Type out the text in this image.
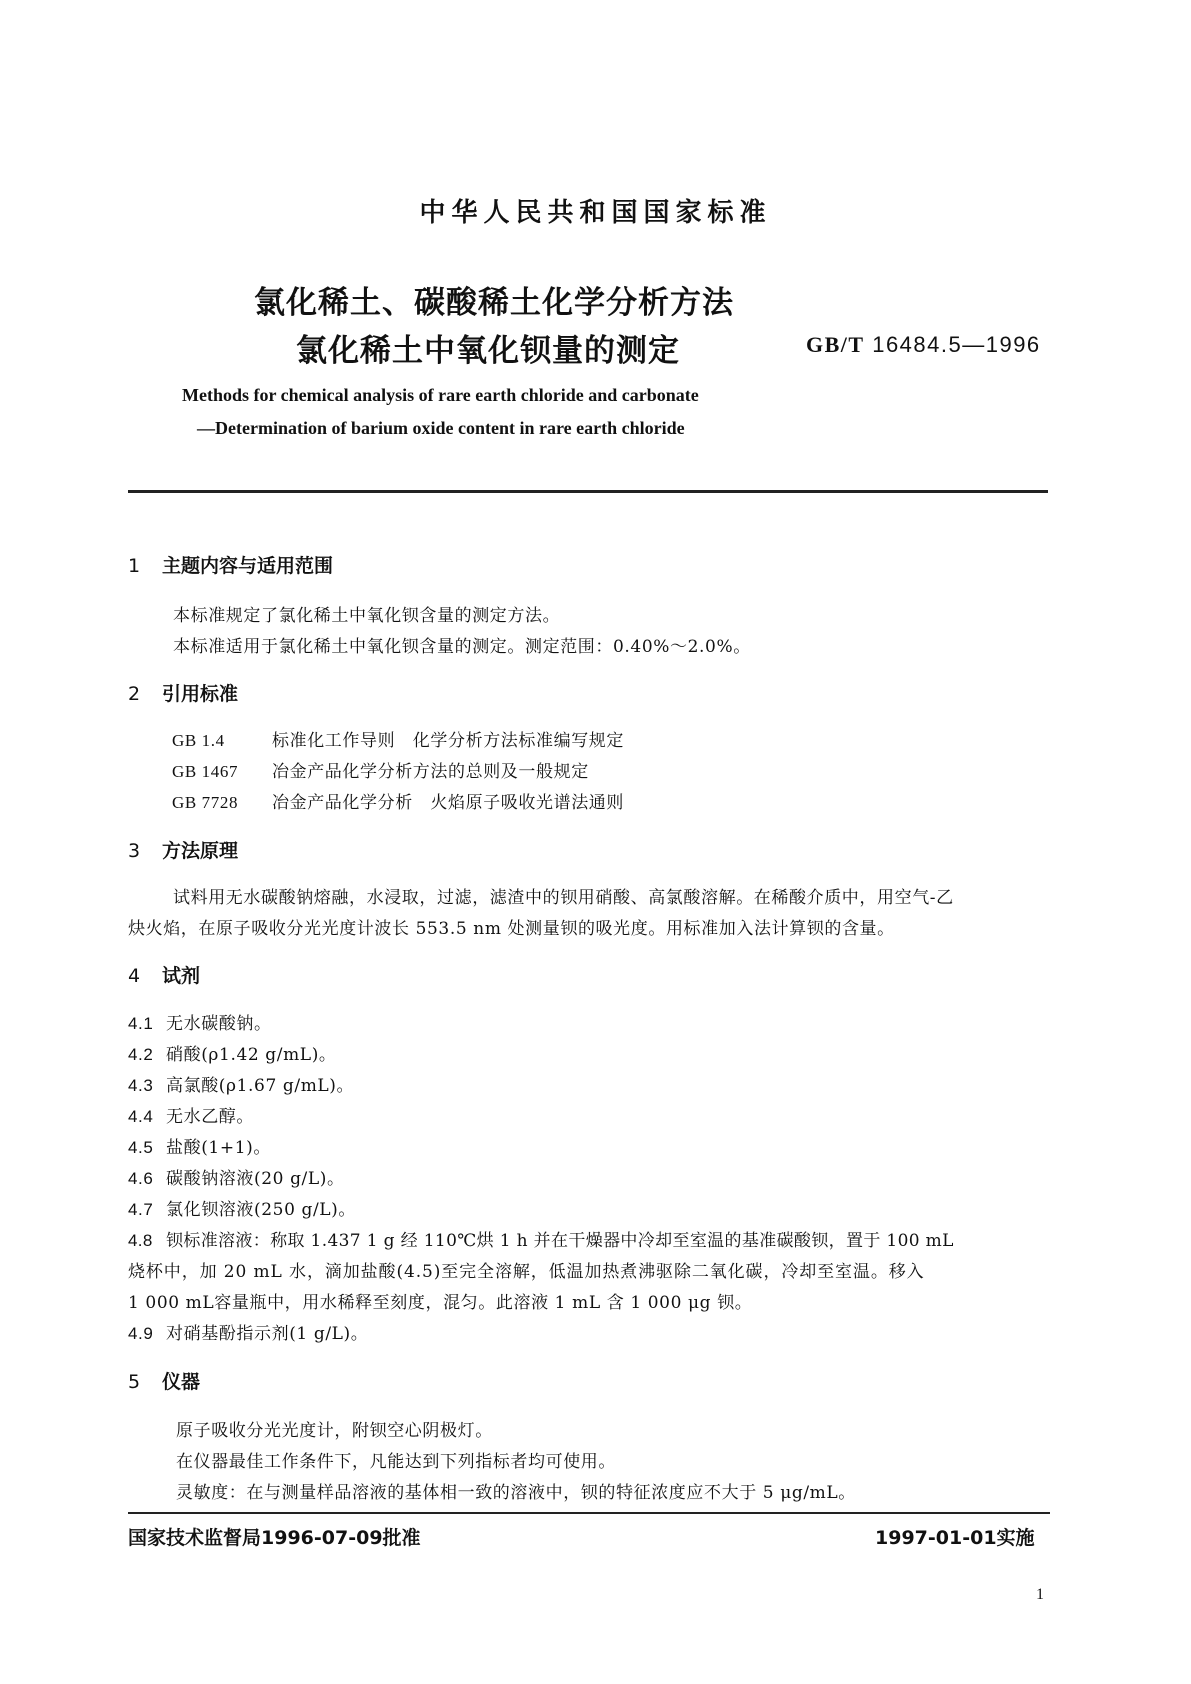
中华人民共和国国家标准
氯化稀土、碳酸稀土化学分析方法
氯化稀土中氧化钡量的测定	GB/T 16484.5—1996
Methods for chemical analysis of rare earth chloride and carbonate
—Determination of barium oxide content in rare earth chloride
1 主题内容与适用范围
本标准规定了氯化稀土中氧化钡含量的测定方法。
本标准适用于氯化稀土中氧化钡含量的测定。测定范围：0.40%～2.0%。
2 引用标准
GB 1.4	标准化工作导则　化学分析方法标准编写规定
GB 1467 冶金产品化学分析方法的总则及一般规定
GB 7728 冶金产品化学分析　火焰原子吸收光谱法通则
3 方法原理
试料用无水碳酸钠熔融，水浸取，过滤，滤渣中的钡用硝酸、高氯酸溶解。在稀酸介质中，用空气-乙
炔火焰，在原子吸收分光光度计波长 553.5 nm 处测量钡的吸光度。用标准加入法计算钡的含量。
4 试剂
4.1 无水碳酸钠。
4.2 硝酸(ρ1.42 g/mL)。
4.3 高氯酸(ρ1.67 g/mL)。
4.4 无水乙醇。
4.5 盐酸(1+1)。
4.6 碳酸钠溶液(20 g/L)。
4.7 氯化钡溶液(250 g/L)。
4.8 钡标准溶液：称取 1.437 1 g 经 110℃烘 1 h 并在干燥器中冷却至室温的基准碳酸钡，置于 100 mL
烧杯中，加 20 mL 水，滴加盐酸(4.5)至完全溶解，低温加热煮沸驱除二氧化碳，冷却至室温。移入
1 000 mL容量瓶中，用水稀释至刻度，混匀。此溶液 1 mL 含 1 000 μg 钡。
4.9 对硝基酚指示剂(1 g/L)。
5 仪器
原子吸收分光光度计，附钡空心阴极灯。
在仪器最佳工作条件下，凡能达到下列指标者均可使用。
灵敏度：在与测量样品溶液的基体相一致的溶液中，钡的特征浓度应不大于 5 μg/mL。
国家技术监督局1996-07-09批准	1997-01-01实施
1
